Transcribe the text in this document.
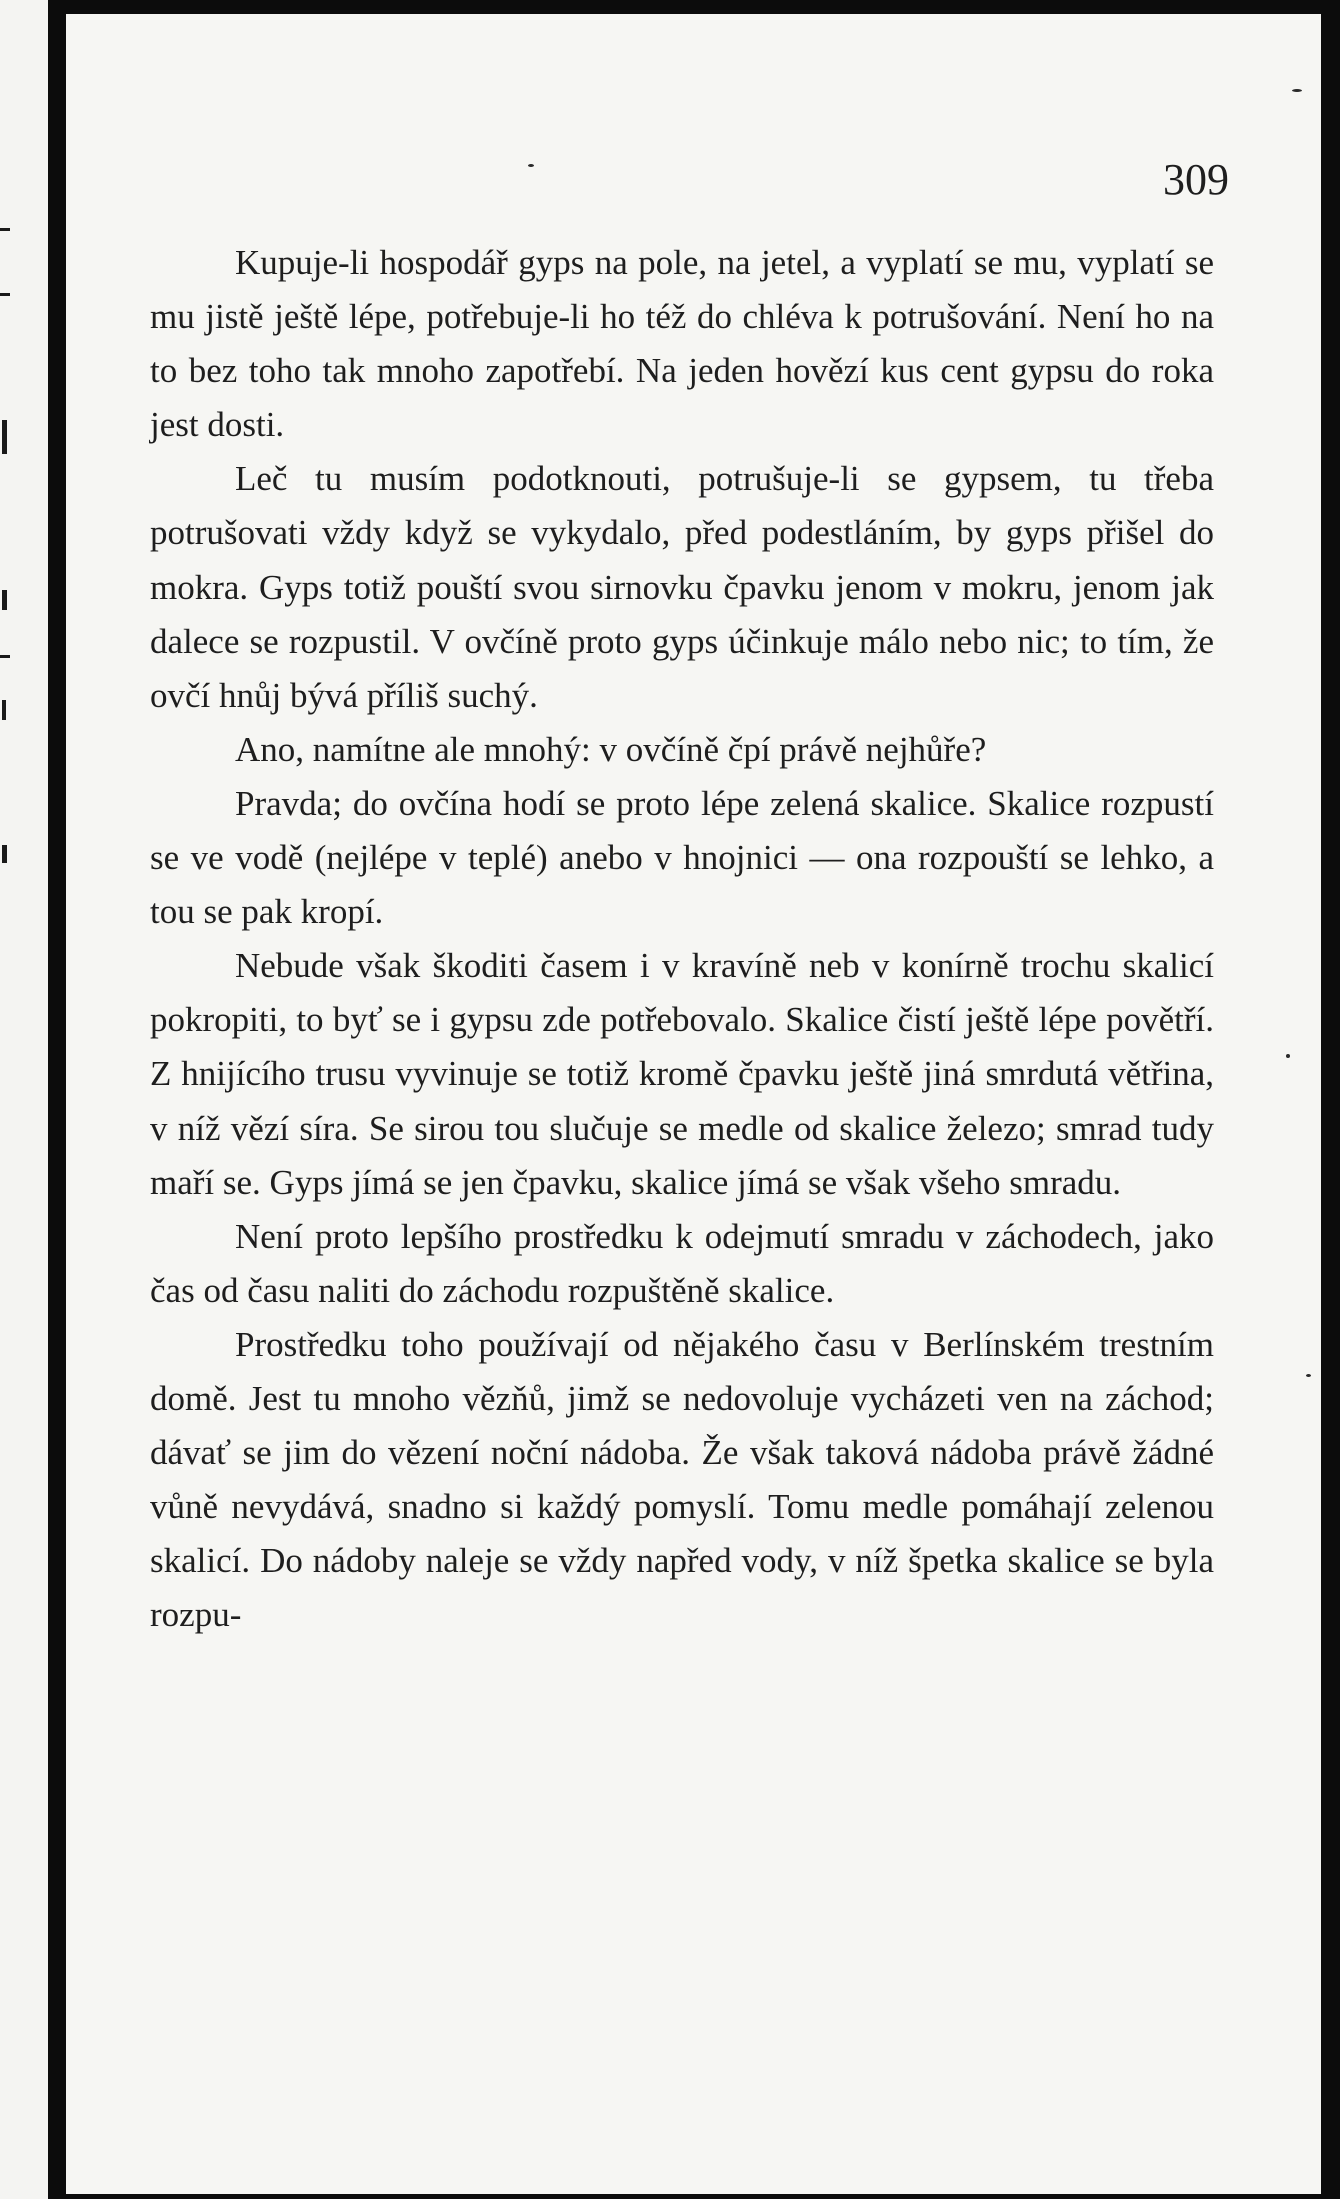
309

Kupuje-li hospodář gyps na pole, na jetel, a vyplatí se mu, vyplatí se mu jistě ještě lépe, potřebuje-li ho též do chléva k potrušování. Není ho na to bez toho tak mnoho zapotřebí. Na jeden hovězí kus cent gypsu do roka jest dosti.

Leč tu musím podotknouti, potrušuje-li se gypsem, tu třeba potrušovati vždy když se vykydalo, před podestláním, by gyps přišel do mokra. Gyps totiž pouští svou sirnovku čpavku jenom v mokru, jenom jak dalece se rozpustil. V ovčíně proto gyps účinkuje málo nebo nic; to tím, že ovčí hnůj bývá příliš suchý.

Ano, namítne ale mnohý: v ovčíně čpí právě nejhůře?

Pravda; do ovčína hodí se proto lépe zelená skalice. Skalice rozpustí se ve vodě (nejlépe v teplé) anebo v hnojnici — ona rozpouští se lehko, a tou se pak kropí.

Nebude však škoditi časem i v kravíně neb v konírně trochu skalicí pokropiti, to byť se i gypsu zde potřebovalo. Skalice čistí ještě lépe povětří. Z hnijícího trusu vyvinuje se totiž kromě čpavku ještě jiná smrdutá větřina, v níž vězí síra. Se sirou tou slučuje se medle od skalice železo; smrad tudy maří se. Gyps jímá se jen čpavku, skalice jímá se však všeho smradu.

Není proto lepšího prostředku k odejmutí smradu v záchodech, jako čas od času naliti do záchodu rozpuštěně skalice.

Prostředku toho používají od nějakého času v Berlínském trestním domě. Jest tu mnoho vězňů, jimž se nedovoluje vycházeti ven na záchod; dávať se jim do vězení noční nádoba. Že však taková nádoba právě žádné vůně nevydává, snadno si každý pomyslí. Tomu medle pomáhají zelenou skalicí. Do nádoby naleje se vždy napřed vody, v níž špetka skalice se byla rozpu-
